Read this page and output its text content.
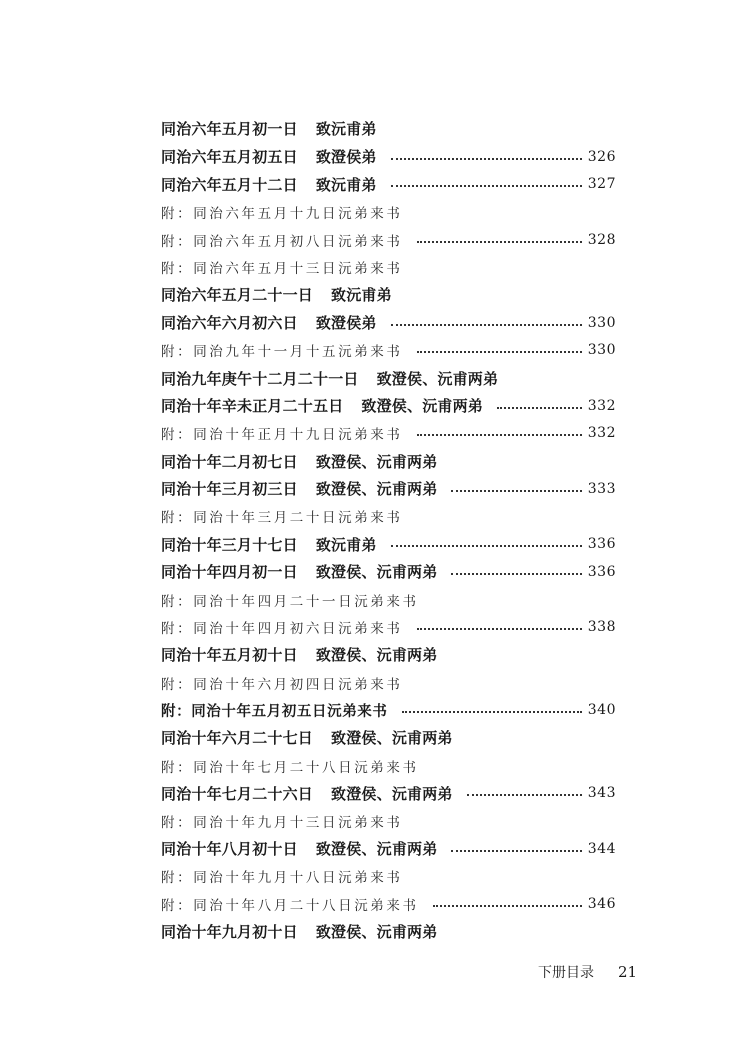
同治六年五月初一日 致沅甫弟
同治六年五月初五日 致澄侯弟	326
同治六年五月十二日 致沅甫弟	327
附：同治六年五月十九日沅弟来书
附：同治六年五月初八日沅弟来书	328
附：同治六年五月十三日沅弟来书
同治六年五月二十一日 致沅甫弟
同治六年六月初六日 致澄侯弟	330
附：同治九年十一月十五沅弟来书	330
同治九年庚午十二月二十一日 致澄侯、沅甫两弟
同治十年辛未正月二十五日 致澄侯、沅甫两弟	332
附：同治十年正月十九日沅弟来书	332
同治十年二月初七日 致澄侯、沅甫两弟
同治十年三月初三日 致澄侯、沅甫两弟	333
附：同治十年三月二十日沅弟来书
同治十年三月十七日 致沅甫弟	336
同治十年四月初一日 致澄侯、沅甫两弟	336
附：同治十年四月二十一日沅弟来书
附：同治十年四月初六日沅弟来书	338
同治十年五月初十日 致澄侯、沅甫两弟
附：同治十年六月初四日沅弟来书
附：同治十年五月初五日沅弟来书	340
同治十年六月二十七日 致澄侯、沅甫两弟
附：同治十年七月二十八日沅弟来书
同治十年七月二十六日 致澄侯、沅甫两弟	343
附：同治十年九月十三日沅弟来书
同治十年八月初十日 致澄侯、沅甫两弟	344
附：同治十年九月十八日沅弟来书
附：同治十年八月二十八日沅弟来书	346
同治十年九月初十日 致澄侯、沅甫两弟
下册目录 21
